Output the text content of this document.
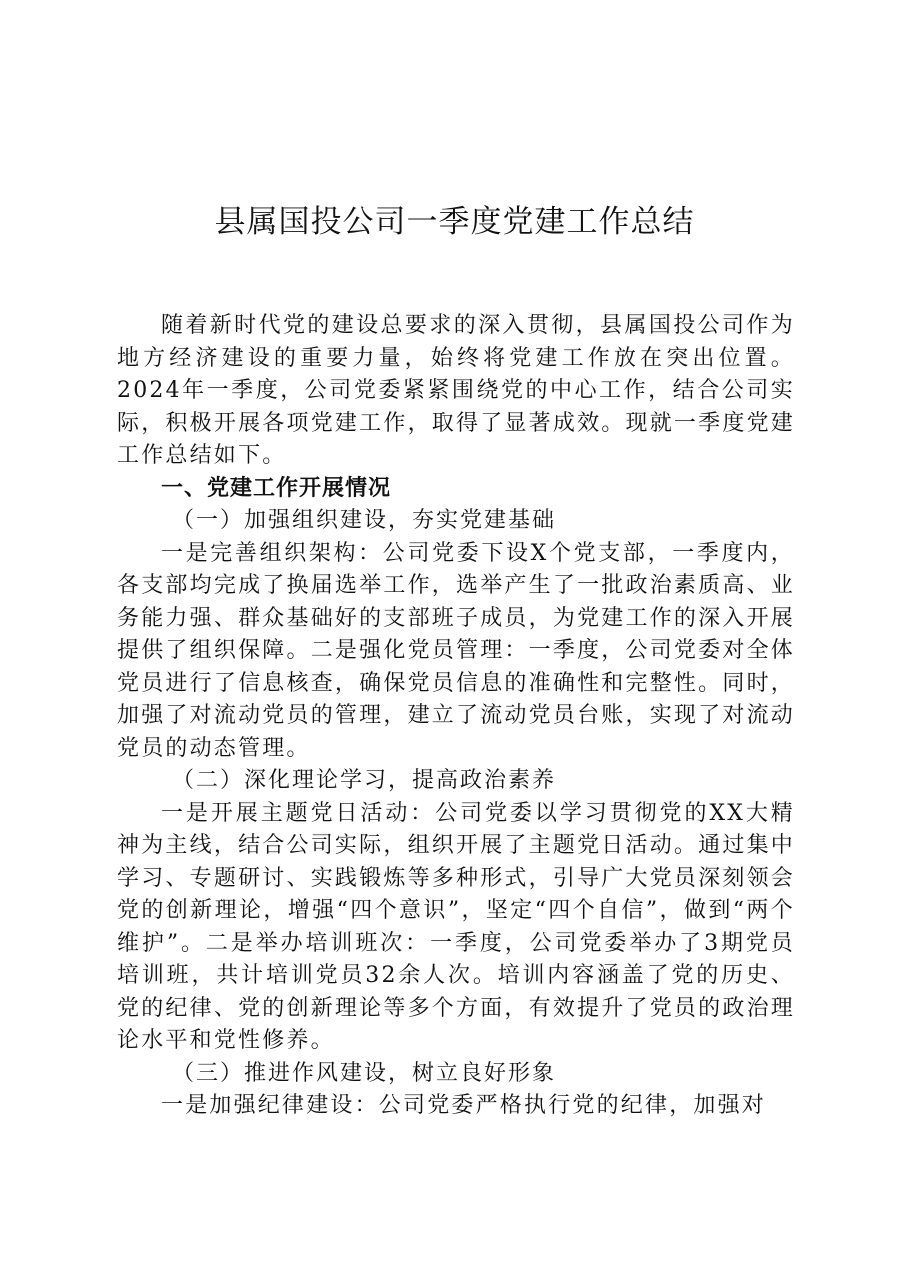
县属国投公司一季度党建工作总结

随着新时代党的建设总要求的深入贯彻，县属国投公司作为地方经济建设的重要力量，始终将党建工作放在突出位置。2024年一季度，公司党委紧紧围绕党的中心工作，结合公司实际，积极开展各项党建工作，取得了显著成效。现就一季度党建工作总结如下。

一、党建工作开展情况

（一）加强组织建设，夯实党建基础

一是完善组织架构：公司党委下设X个党支部，一季度内，各支部均完成了换届选举工作，选举产生了一批政治素质高、业务能力强、群众基础好的支部班子成员，为党建工作的深入开展提供了组织保障。二是强化党员管理：一季度，公司党委对全体党员进行了信息核查，确保党员信息的准确性和完整性。同时，加强了对流动党员的管理，建立了流动党员台账，实现了对流动党员的动态管理。

（二）深化理论学习，提高政治素养

一是开展主题党日活动：公司党委以学习贯彻党的XX大精神为主线，结合公司实际，组织开展了主题党日活动。通过集中学习、专题研讨、实践锻炼等多种形式，引导广大党员深刻领会党的创新理论，增强“四个意识”，坚定“四个自信”，做到“两个维护”。二是举办培训班次：一季度，公司党委举办了3期党员培训班，共计培训党员32余人次。培训内容涵盖了党的历史、党的纪律、党的创新理论等多个方面，有效提升了党员的政治理论水平和党性修养。

（三）推进作风建设，树立良好形象

一是加强纪律建设：公司党委严格执行党的纪律，加强对
